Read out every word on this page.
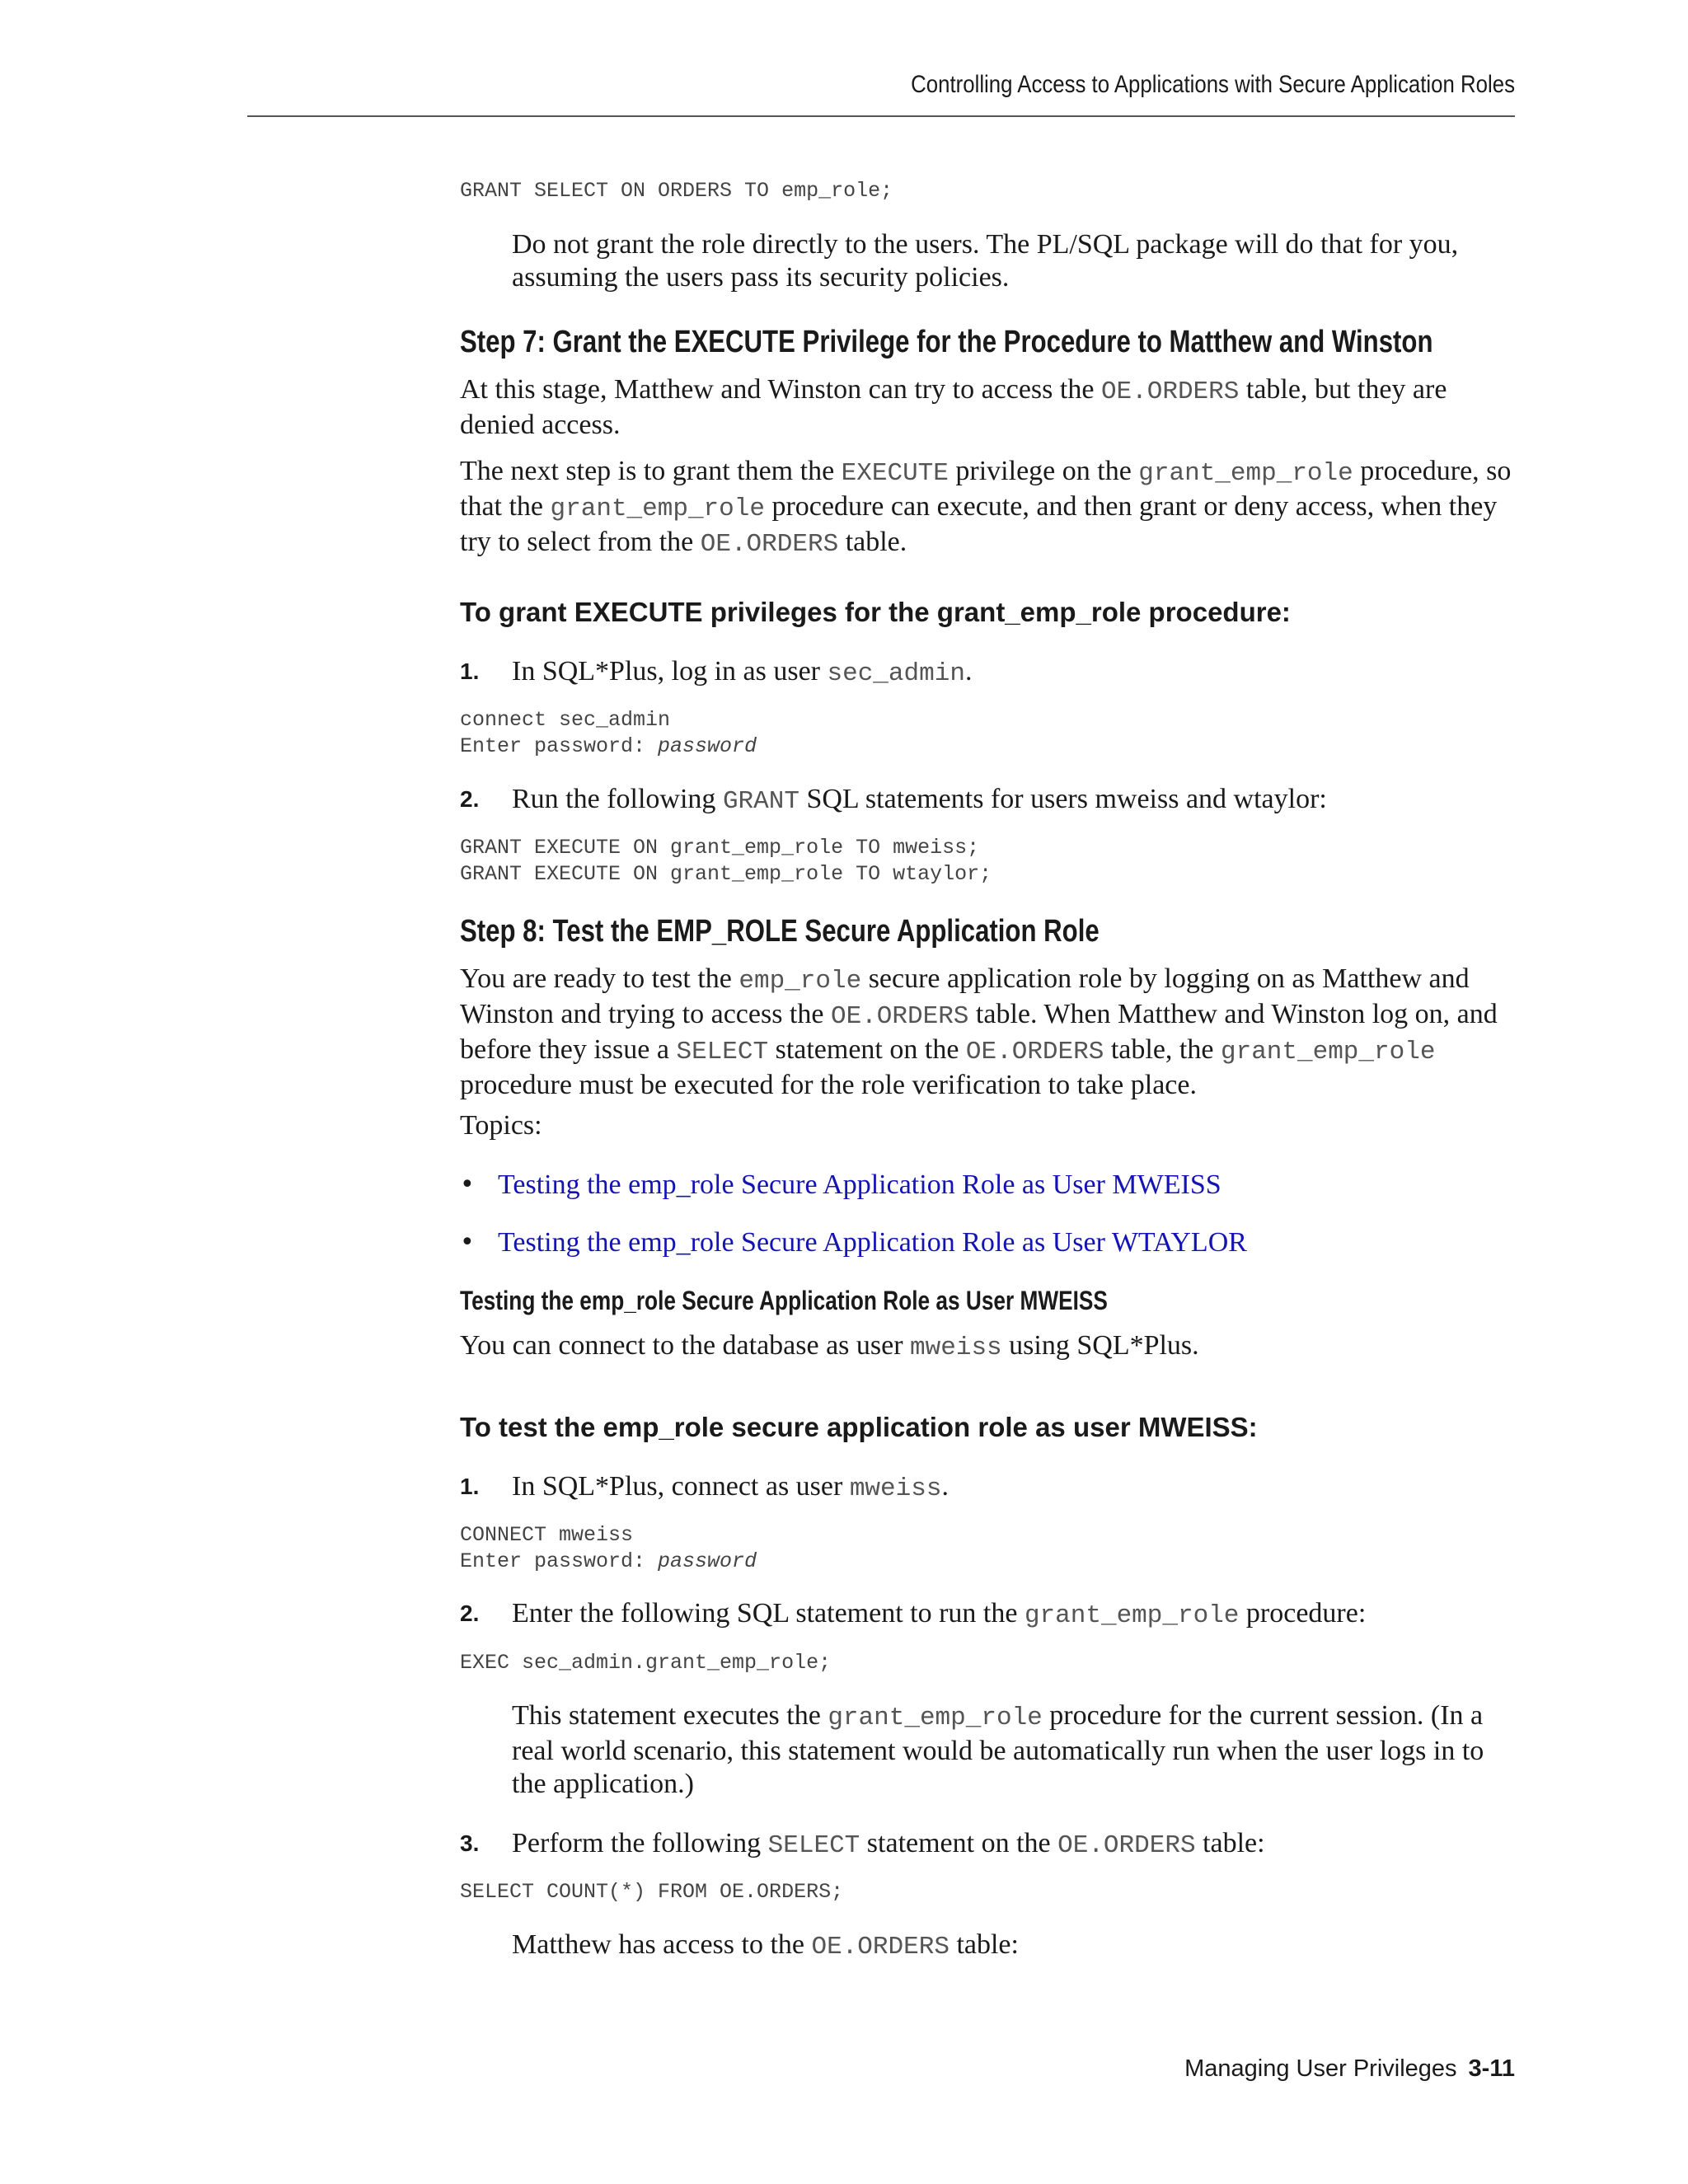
Controlling Access to Applications with Secure Application Roles
GRANT SELECT ON ORDERS TO emp_role;
Do not grant the role directly to the users. The PL/SQL package will do that for you, assuming the users pass its security policies.
Step 7: Grant the EXECUTE Privilege for the Procedure to Matthew and Winston
At this stage, Matthew and Winston can try to access the OE.ORDERS table, but they are denied access.
The next step is to grant them the EXECUTE privilege on the grant_emp_role procedure, so that the grant_emp_role procedure can execute, and then grant or deny access, when they try to select from the OE.ORDERS table.
To grant EXECUTE privileges for the grant_emp_role procedure:
1.	In SQL*Plus, log in as user sec_admin.
connect sec_admin
Enter password: password
2.	Run the following GRANT SQL statements for users mweiss and wtaylor:
GRANT EXECUTE ON grant_emp_role TO mweiss;
GRANT EXECUTE ON grant_emp_role TO wtaylor;
Step 8: Test the EMP_ROLE Secure Application Role
You are ready to test the emp_role secure application role by logging on as Matthew and Winston and trying to access the OE.ORDERS table. When Matthew and Winston log on, and before they issue a SELECT statement on the OE.ORDERS table, the grant_emp_role procedure must be executed for the role verification to take place.
Topics:
• Testing the emp_role Secure Application Role as User MWEISS
• Testing the emp_role Secure Application Role as User WTAYLOR
Testing the emp_role Secure Application Role as User MWEISS
You can connect to the database as user mweiss using SQL*Plus.
To test the emp_role secure application role as user MWEISS:
1.	In SQL*Plus, connect as user mweiss.
CONNECT mweiss
Enter password: password
2.	Enter the following SQL statement to run the grant_emp_role procedure:
EXEC sec_admin.grant_emp_role;
This statement executes the grant_emp_role procedure for the current session. (In a real world scenario, this statement would be automatically run when the user logs in to the application.)
3.	Perform the following SELECT statement on the OE.ORDERS table:
SELECT COUNT(*) FROM OE.ORDERS;
Matthew has access to the OE.ORDERS table:
Managing User Privileges 3-11
